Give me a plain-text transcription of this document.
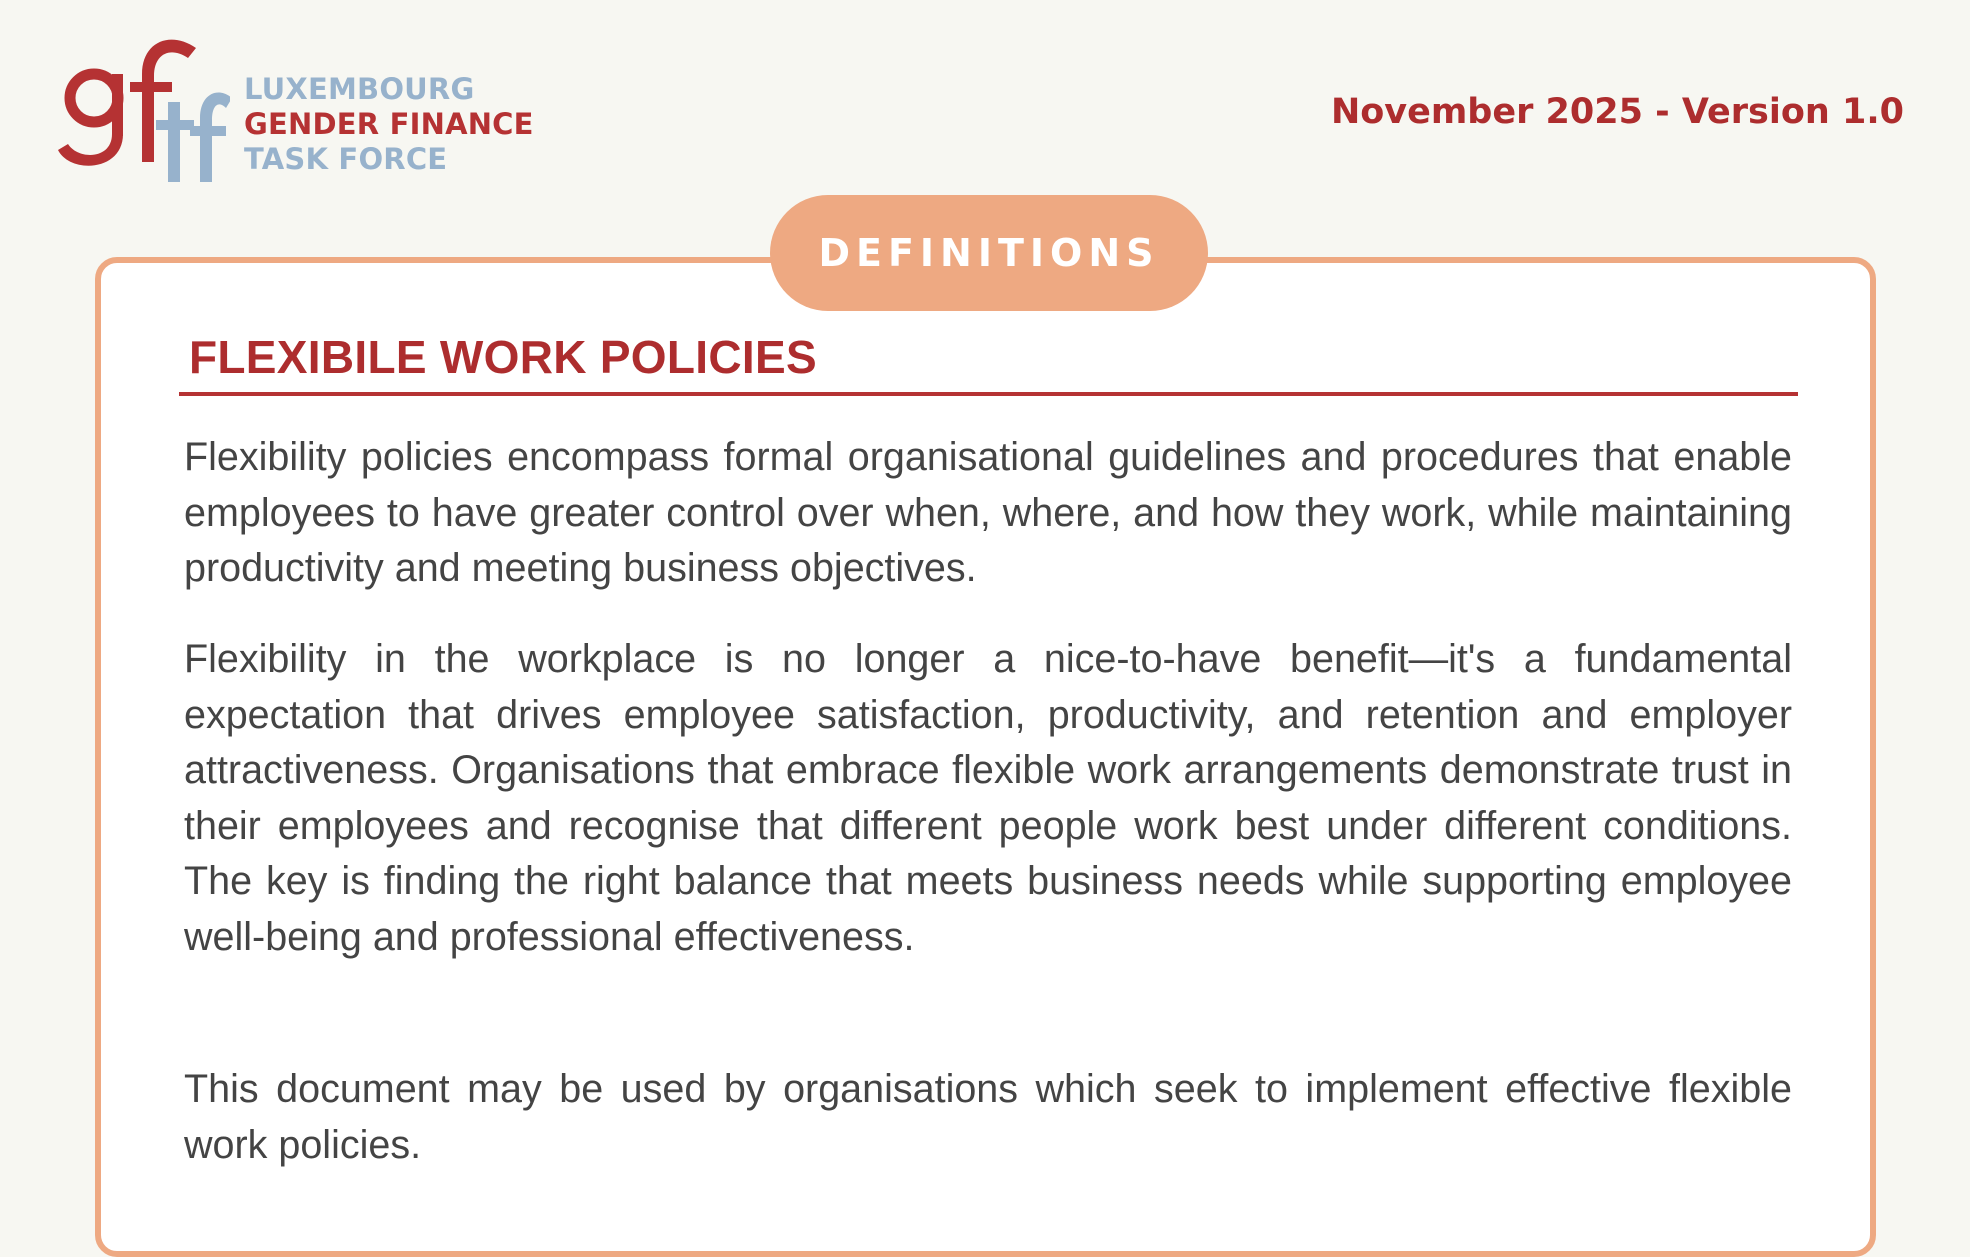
LUXEMBOURG
GENDER FINANCE
TASK FORCE
November 2025 - Version 1.0
DEFINITIONS
FLEXIBILE WORK POLICIES

Flexibility policies encompass formal organisational guidelines and procedures that enable employees to have greater control over when, where, and how they work, while maintaining productivity and meeting business objectives.

Flexibility in the workplace is no longer a nice-to-have benefit—it's a fundamental expectation that drives employee satisfaction, productivity, and retention and employer attractiveness. Organisations that embrace flexible work arrangements demonstrate trust in their employees and recognise that different people work best under different conditions. The key is finding the right balance that meets business needs while supporting employee well-being and professional effectiveness.

This document may be used by organisations which seek to implement effective flexible work policies.
